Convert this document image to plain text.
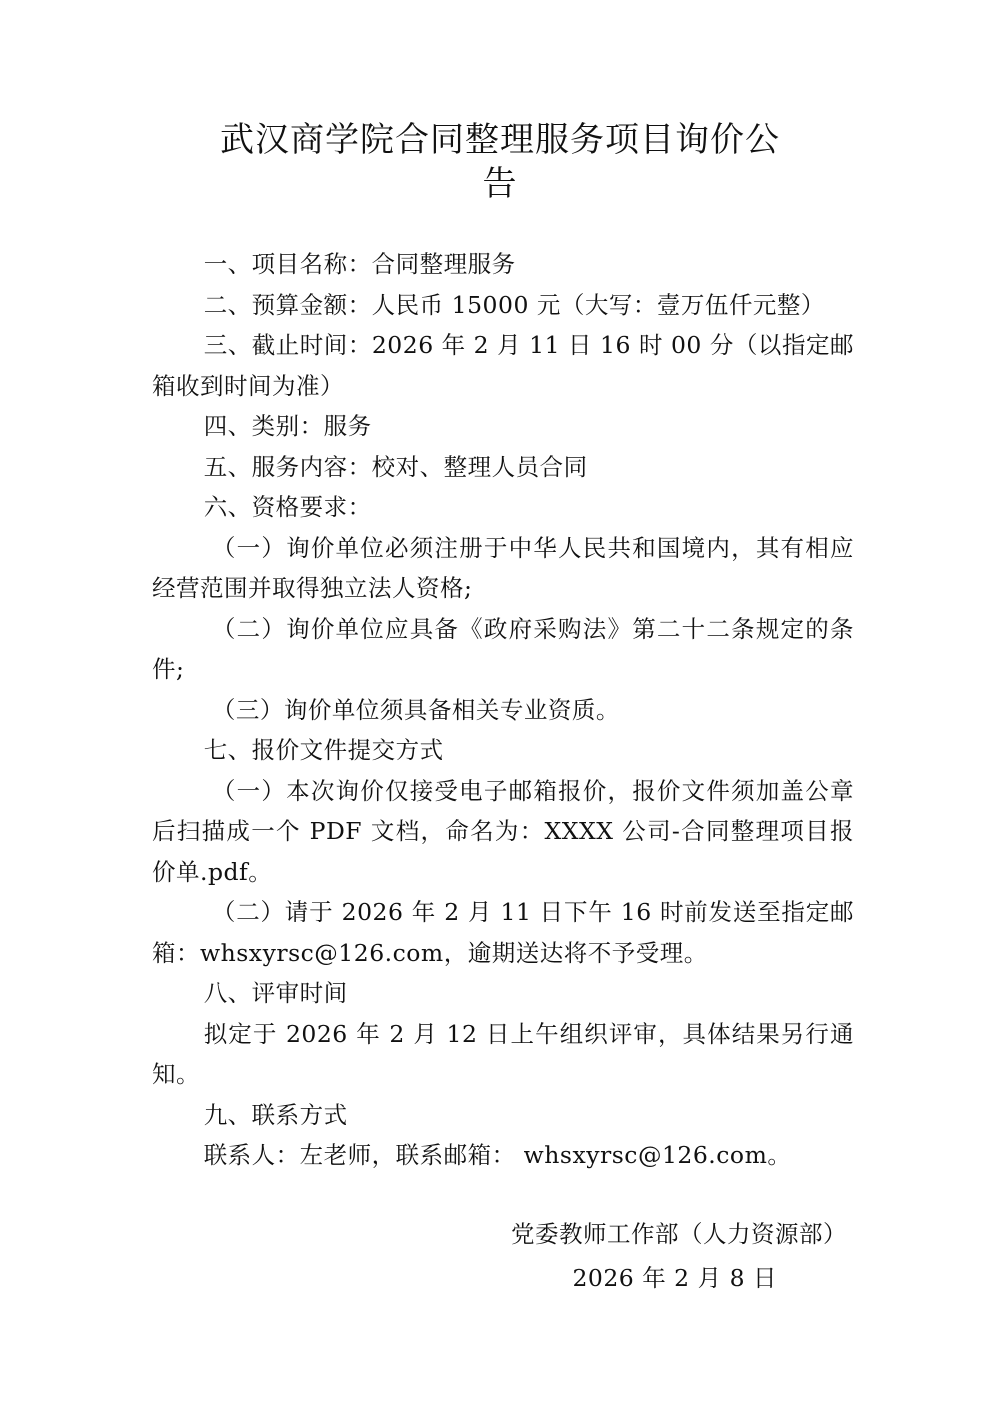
武汉商学院合同整理服务项目询价公
告

一、项目名称：合同整理服务

二、预算金额：人民币 15000 元（大写：壹万伍仟元整）

三、截止时间：2026 年 2 月 11 日 16 时 00 分（以指定邮箱收到时间为准）

四、类别：服务

五、服务内容：校对、整理人员合同

六、资格要求：

（一）询价单位必须注册于中华人民共和国境内，其有相应经营范围并取得独立法人资格;

（二）询价单位应具备《政府采购法》第二十二条规定的条件;

（三）询价单位须具备相关专业资质。

七、报价文件提交方式

（一）本次询价仅接受电子邮箱报价，报价文件须加盖公章后扫描成一个 PDF 文档，命名为：XXXX 公司-合同整理项目报价单.pdf。

（二）请于 2026 年 2 月 11 日下午 16 时前发送至指定邮箱：whsxyrsc@126.com，逾期送达将不予受理。

八、评审时间

拟定于 2026 年 2 月 12 日上午组织评审，具体结果另行通知。

九、联系方式

联系人：左老师，联系邮箱： whsxyrsc@126.com。

党委教师工作部（人力资源部）
2026 年 2 月 8 日
